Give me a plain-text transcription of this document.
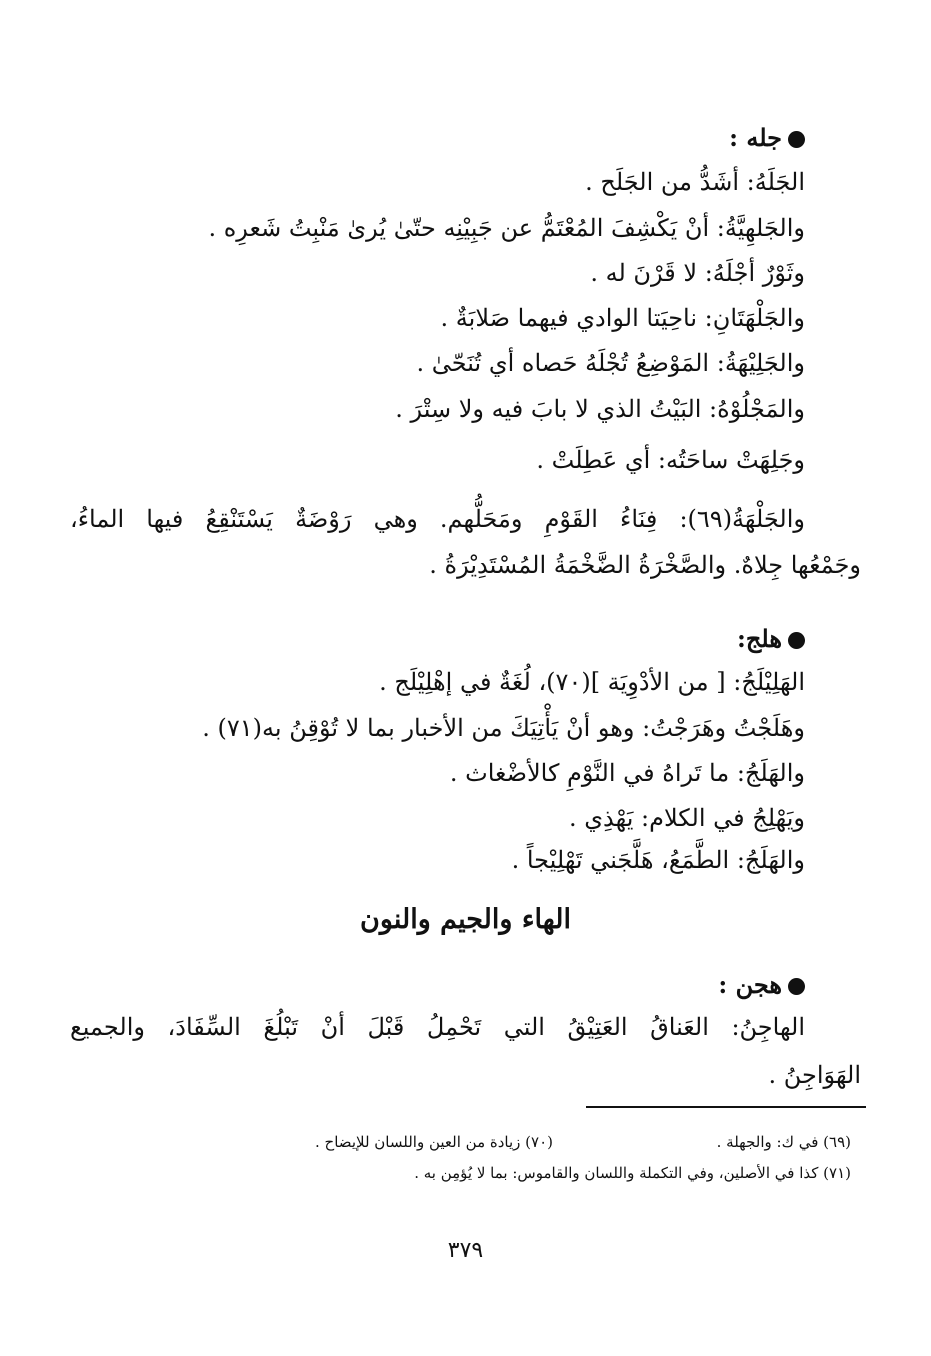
جله :
الجَلَهُ: أشَدُّ من الجَلَح .
والجَلهِيَّةُ: أنْ يَكْشِفَ المُعْتَمُّ عن جَبِيْنِه حتّىٰ يُرىٰ مَنْبِتُ شَعرِه .
وثَوْرٌ أجْلَهُ: لا قَرْنَ له .
والجَلْهَتَانِ: ناحِيَتا الوادي فيهما صَلابَةٌ .
والجَلِيْهَةُ: المَوْضِعُ تُجْلَهُ حَصاه أي تُنَحّىٰ .
والمَجْلُوْهُ: البَيْتُ الذي لا بابَ فيه ولا سِتْرَ .
وجَلِهَتْ ساحَتُه: أي عَطِلَتْ .
والجَلْهَةُ(٦٩): فِنَاءُ القَوْمِ ومَحَلُّهم. وهي رَوْضَةٌ يَسْتَنْقِعُ فيها الماءُ،
وجَمْعُها جِلاهٌ. والصَّخْرَةُ الضَّخْمَةُ المُسْتَدِيْرَةُ .
هلج:
الهَلِيْلَجُ: [ من الأدْوِيَة ](٧٠)، لُغَةٌ في إهْلِيْلَج .
وهَلَجْتُ وهَرَجْتُ: وهو أنْ يَأْتِيَكَ من الأخبار بما لا تُوْقِنُ به(٧١) .
والهَلَجُ: ما تَراهُ في النَّوْمِ كالأضْغاث .
ويَهْلِجُ في الكلام: يَهْذِي .
والهَلَجُ: الطَّمَعُ، هَلَّجَني تَهْلِيْجاً .
الهاء والجيم والنون
هجن :
الهاجِنُ: العَناقُ العَتِيْقُ التي تَحْمِلُ قَبْلَ أنْ تَبْلُغَ السِّفَادَ، والجميع
الهَوَاجِنُ .
(٦٩) في ك: والجهلة .
(٧٠) زيادة من العين واللسان للإيضاح .
(٧١) كذا في الأصلين، وفي التكملة واللسان والقاموس: بما لا يُؤمِن به .
٣٧٩
